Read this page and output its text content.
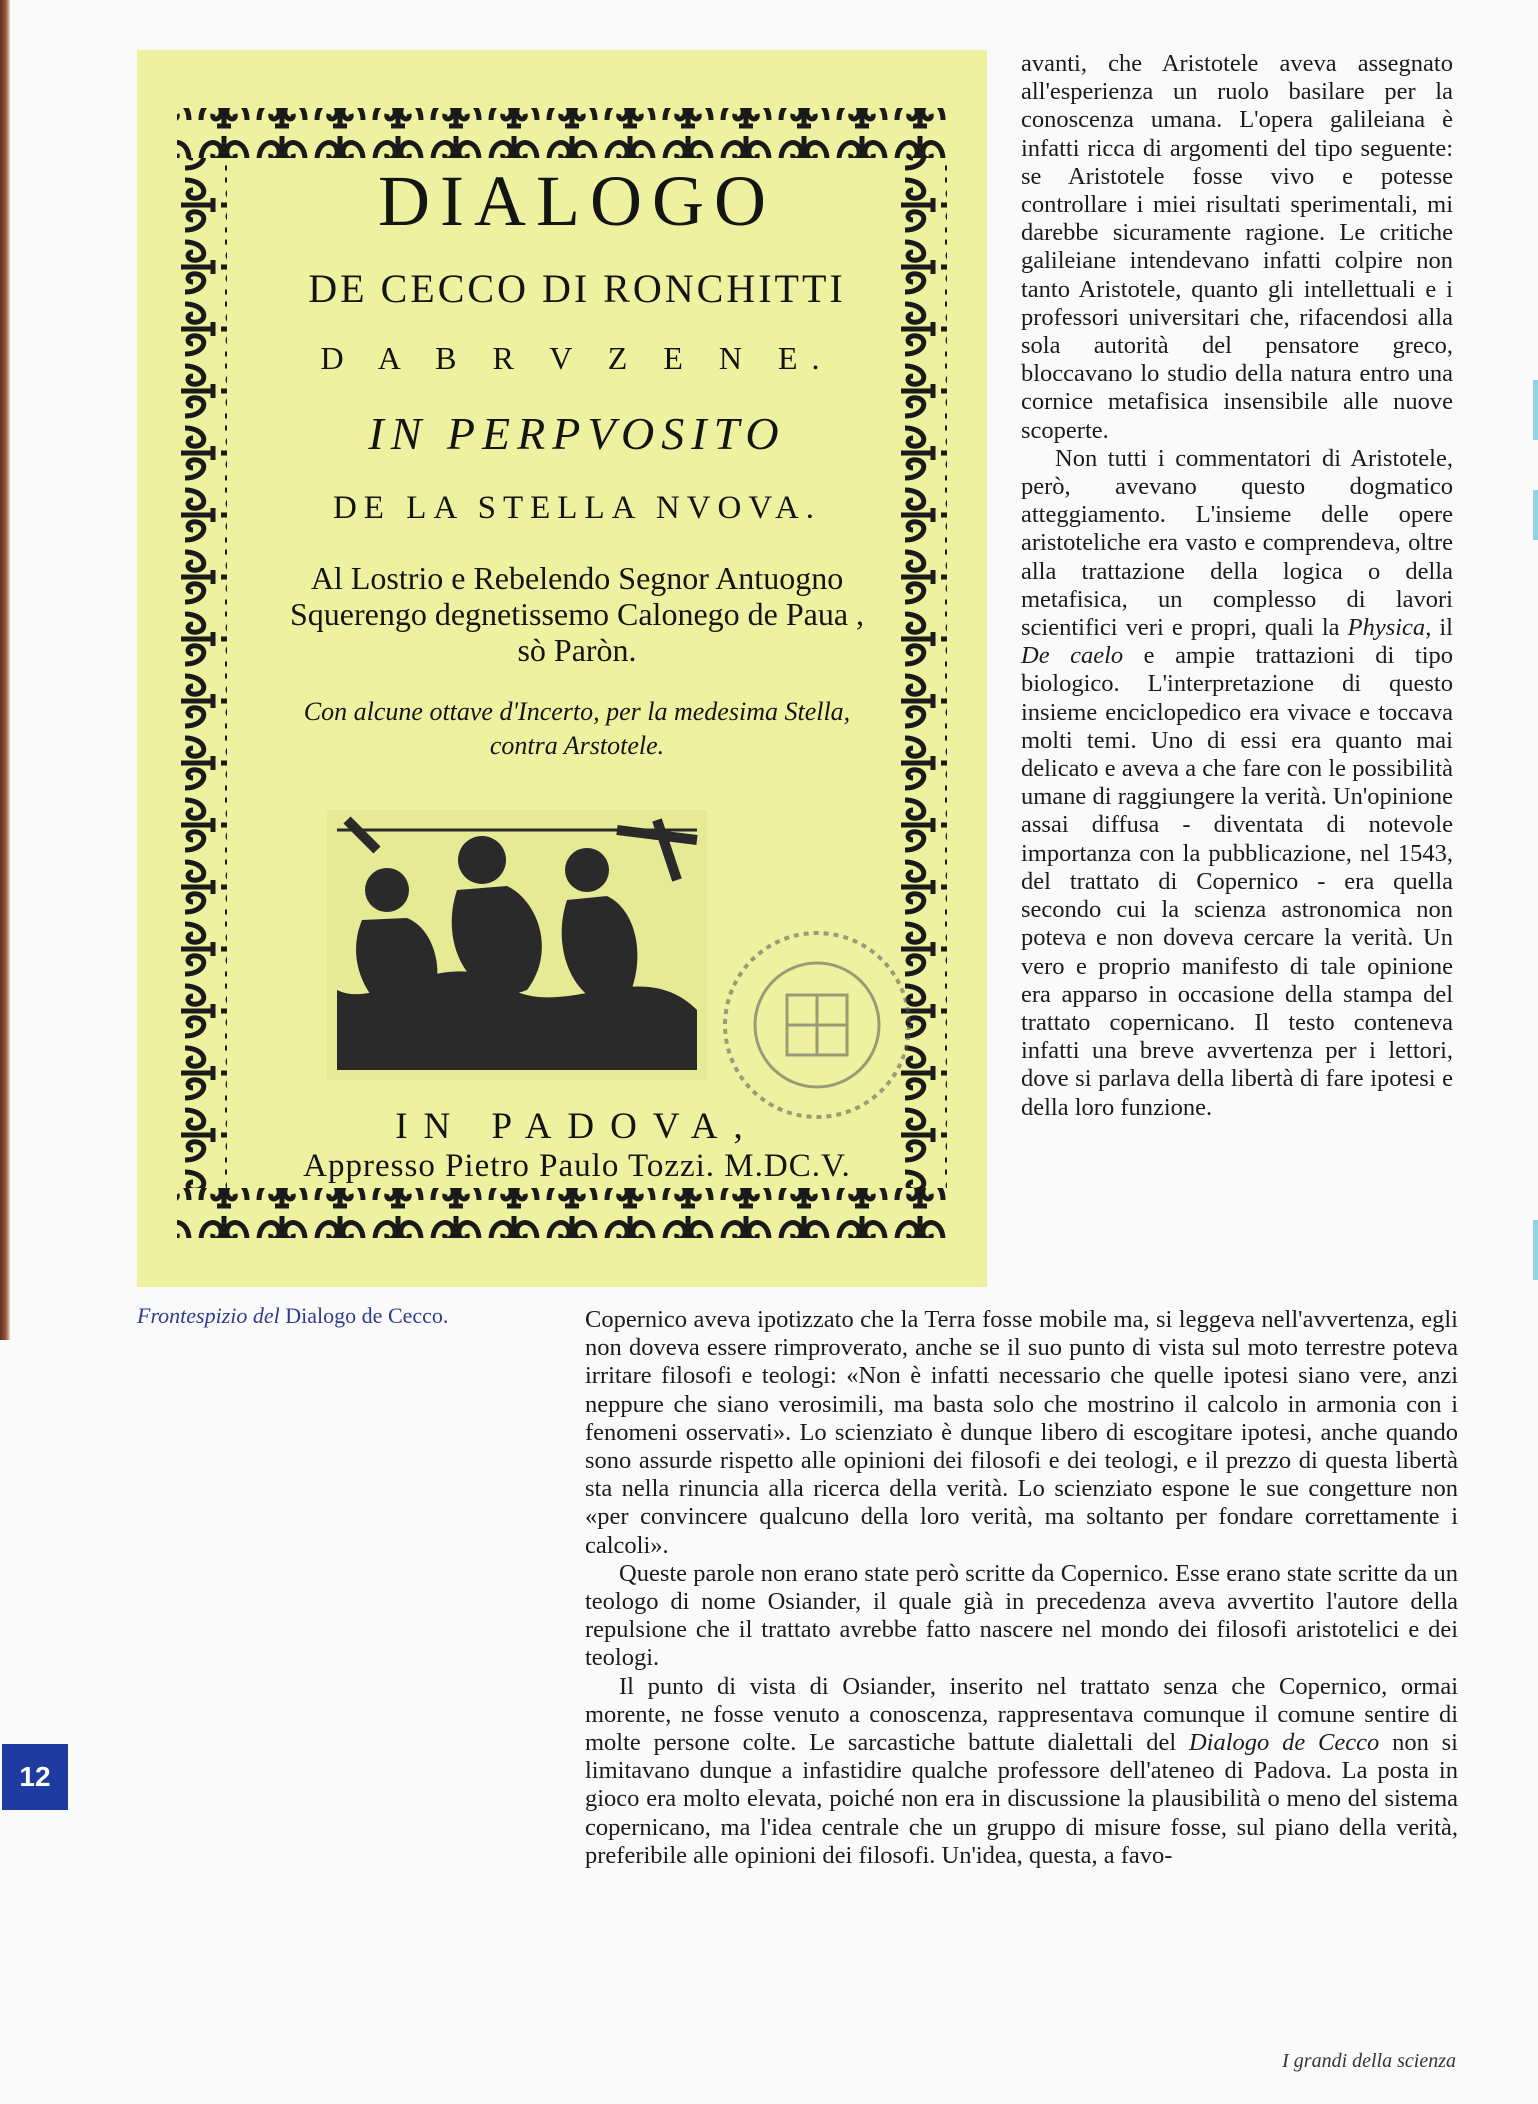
DIALOGO
DE CECCO DI RONCHITTI
D A B R V Z E N E.
IN PERPVOSITO
DE LA STELLA NVOVA.
Al Lostrio e Rebelendo Segnor Antuogno Squerengo degnetissemo Calonego de Paua , sò Paròn.
Con alcune ottave d'Incerto, per la medesima Stella, contra Arstotele.
IN PADOVA,
Appresso Pietro Paulo Tozzi. M.DC.V.
Frontespizio del Dialogo de Cecco.

avanti, che Aristotele aveva assegnato all'esperienza un ruolo basilare per la conoscenza umana. L'opera galileiana è infatti ricca di argomenti del tipo seguente: se Aristotele fosse vivo e potesse controllare i miei risultati sperimentali, mi darebbe sicuramente ragione. Le critiche galileiane intendevano infatti colpire non tanto Aristotele, quanto gli intellettuali e i professori universitari che, rifacendosi alla sola autorità del pensatore greco, bloccavano lo studio della natura entro una cornice metafisica insensibile alle nuove scoperte.

Non tutti i commentatori di Aristotele, però, avevano questo dogmatico atteggiamento. L'insieme delle opere aristoteliche era vasto e comprendeva, oltre alla trattazione della logica o della metafisica, un complesso di lavori scientifici veri e propri, quali la Physica, il De caelo e ampie trattazioni di tipo biologico. L'interpretazione di questo insieme enciclopedico era vivace e toccava molti temi. Uno di essi era quanto mai delicato e aveva a che fare con le possibilità umane di raggiungere la verità. Un'opinione assai diffusa - diventata di notevole importanza con la pubblicazione, nel 1543, del trattato di Copernico - era quella secondo cui la scienza astronomica non poteva e non doveva cercare la verità. Un vero e proprio manifesto di tale opinione era apparso in occasione della stampa del trattato copernicano. Il testo conteneva infatti una breve avvertenza per i lettori, dove si parlava della libertà di fare ipotesi e della loro funzione.

Copernico aveva ipotizzato che la Terra fosse mobile ma, si leggeva nell'avvertenza, egli non doveva essere rimproverato, anche se il suo punto di vista sul moto terrestre poteva irritare filosofi e teologi: «Non è infatti necessario che quelle ipotesi siano vere, anzi neppure che siano verosimili, ma basta solo che mostrino il calcolo in armonia con i fenomeni osservati». Lo scienziato è dunque libero di escogitare ipotesi, anche quando sono assurde rispetto alle opinioni dei filosofi e dei teologi, e il prezzo di questa libertà sta nella rinuncia alla ricerca della verità. Lo scienziato espone le sue congetture non «per convincere qualcuno della loro verità, ma soltanto per fondare correttamente i calcoli».

Queste parole non erano state però scritte da Copernico. Esse erano state scritte da un teologo di nome Osiander, il quale già in precedenza aveva avvertito l'autore della repulsione che il trattato avrebbe fatto nascere nel mondo dei filosofi aristotelici e dei teologi.

Il punto di vista di Osiander, inserito nel trattato senza che Copernico, ormai morente, ne fosse venuto a conoscenza, rappresentava comunque il comune sentire di molte persone colte. Le sarcastiche battute dialettali del Dialogo de Cecco non si limitavano dunque a infastidire qualche professore dell'ateneo di Padova. La posta in gioco era molto elevata, poiché non era in discussione la plausibilità o meno del sistema copernicano, ma l'idea centrale che un gruppo di misure fosse, sul piano della verità, preferibile alle opinioni dei filosofi. Un'idea, questa, a favo-

12
I grandi della scienza
